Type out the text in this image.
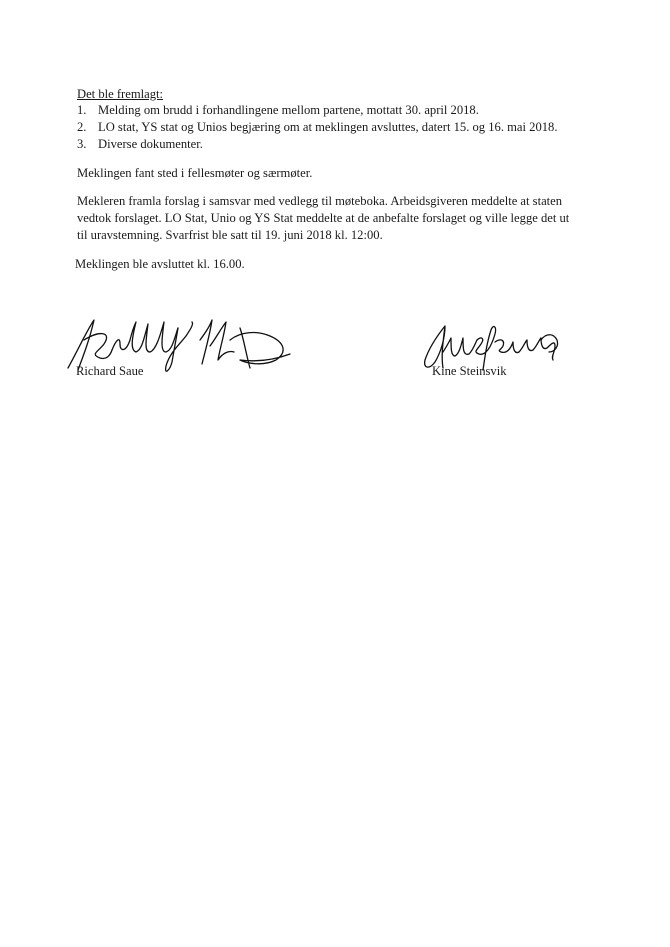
Det ble fremlagt:
1. Melding om brudd i forhandlingene mellom partene, mottatt 30. april 2018.
2. LO stat, YS stat og Unios begjæring om at meklingen avsluttes, datert 15. og 16. mai 2018.
3. Diverse dokumenter.

Meklingen fant sted i fellesmøter og særmøter.

Mekleren framla forslag i samsvar med vedlegg til møteboka. Arbeidsgiveren meddelte at staten
vedtok forslaget. LO Stat, Unio og YS Stat meddelte at de anbefalte forslaget og ville legge det ut
til uravstemning. Svarfrist ble satt til 19. juni 2018 kl. 12:00.

Meklingen ble avsluttet kl. 16.00.

Richard Saue	Kine Steinsvik
